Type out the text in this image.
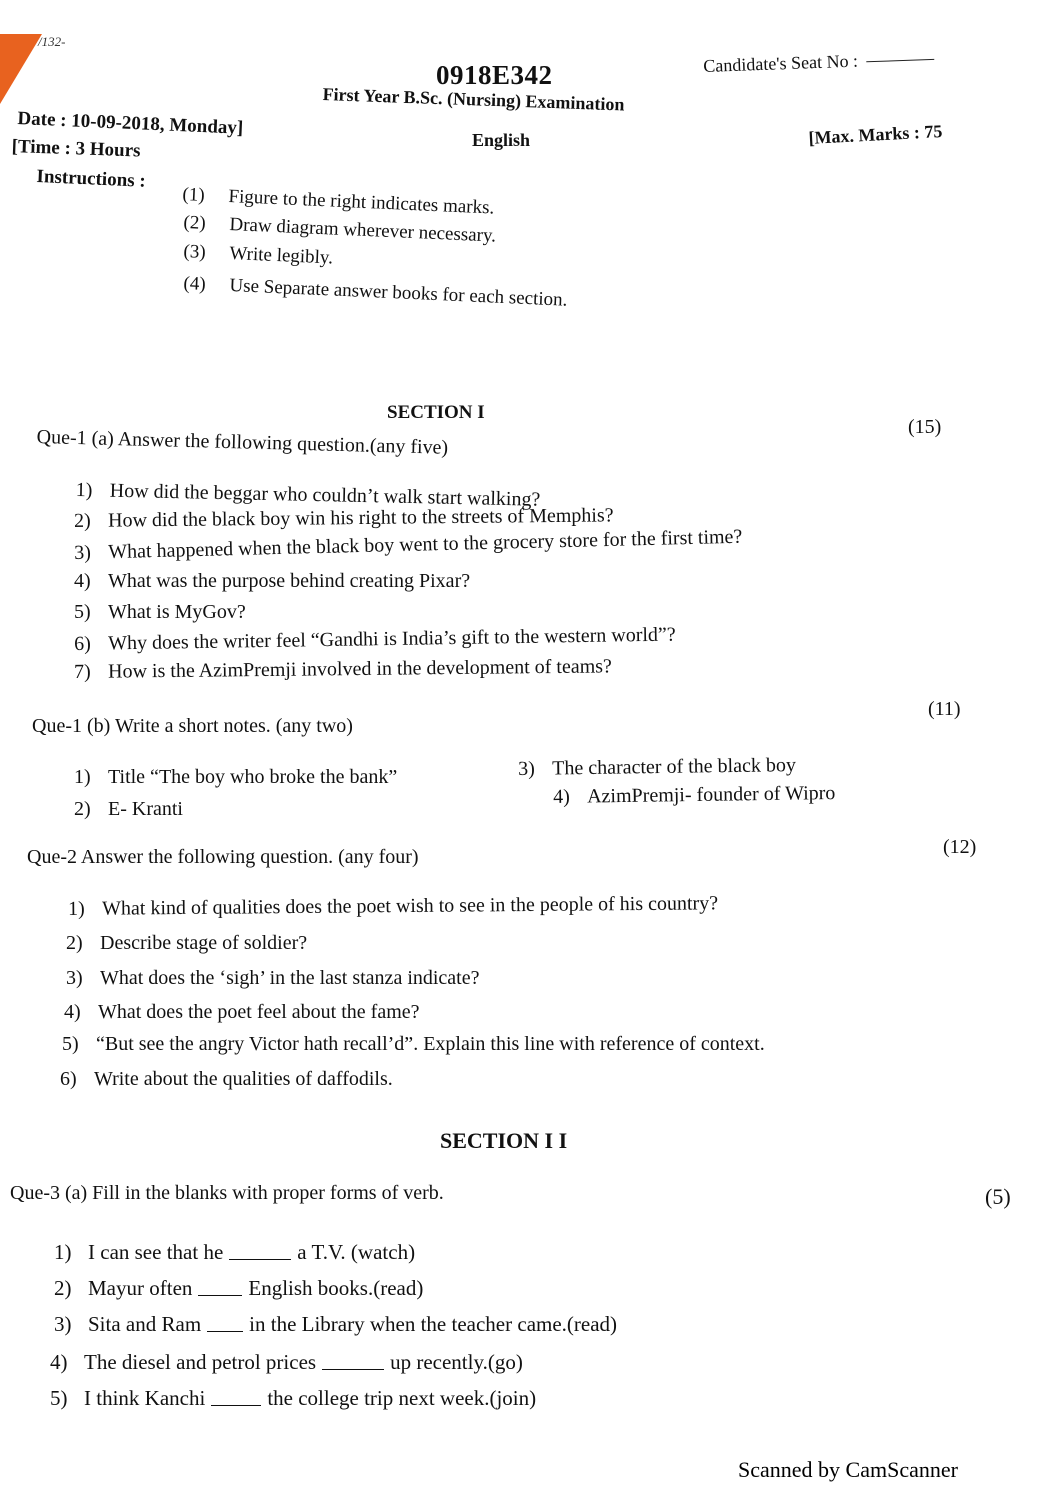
/132-
0918E342
First Year B.Sc. (Nursing) Examination
English
Candidate's Seat No :
Date : 10-09-2018, Monday]
[Time : 3 Hours
[Max. Marks : 75
Instructions :
(1) Figure to the right indicates marks.
(2) Draw diagram wherever necessary.
(3) Write legibly.
(4) Use Separate answer books for each section.
SECTION I
Que-1 (a) Answer the following question.(any five)	(15)
1) How did the beggar who couldn’t walk start walking?
2) How did the black boy win his right to the streets of Memphis?
3) What happened when the black boy went to the grocery store for the first time?
4) What was the purpose behind creating Pixar?
5) What is MyGov?
6) Why does the writer feel “Gandhi is India’s gift to the western world”?
7) How is the AzimPremji involved in the development of teams?
Que-1 (b) Write a short notes. (any two)
(11)
1) Title “The boy who broke the bank”
2) E- Kranti
3) The character of the black boy
4) AzimPremji- founder of Wipro
Que-2 Answer the following question. (any four)	(12)
1) What kind of qualities does the poet wish to see in the people of his country?
2) Describe stage of soldier?
3) What does the ‘sigh’ in the last stanza indicate?
4) What does the poet feel about the fame?
5) “But see the angry Victor hath recall’d”. Explain this line with reference of context.
6) Write about the qualities of daffodils.
SECTION I I
Que-3 (a) Fill in the blanks with proper forms of verb.	(5)
1) I can see that he	a T.V. (watch)
2) Mayur often	English books.(read)
3) Sita and Ram in the Library when the teacher came.(read)
4) The diesel and petrol prices	up recently.(go)
5) I think Kanchi	the college trip next week.(join)
Scanned by CamScanner
